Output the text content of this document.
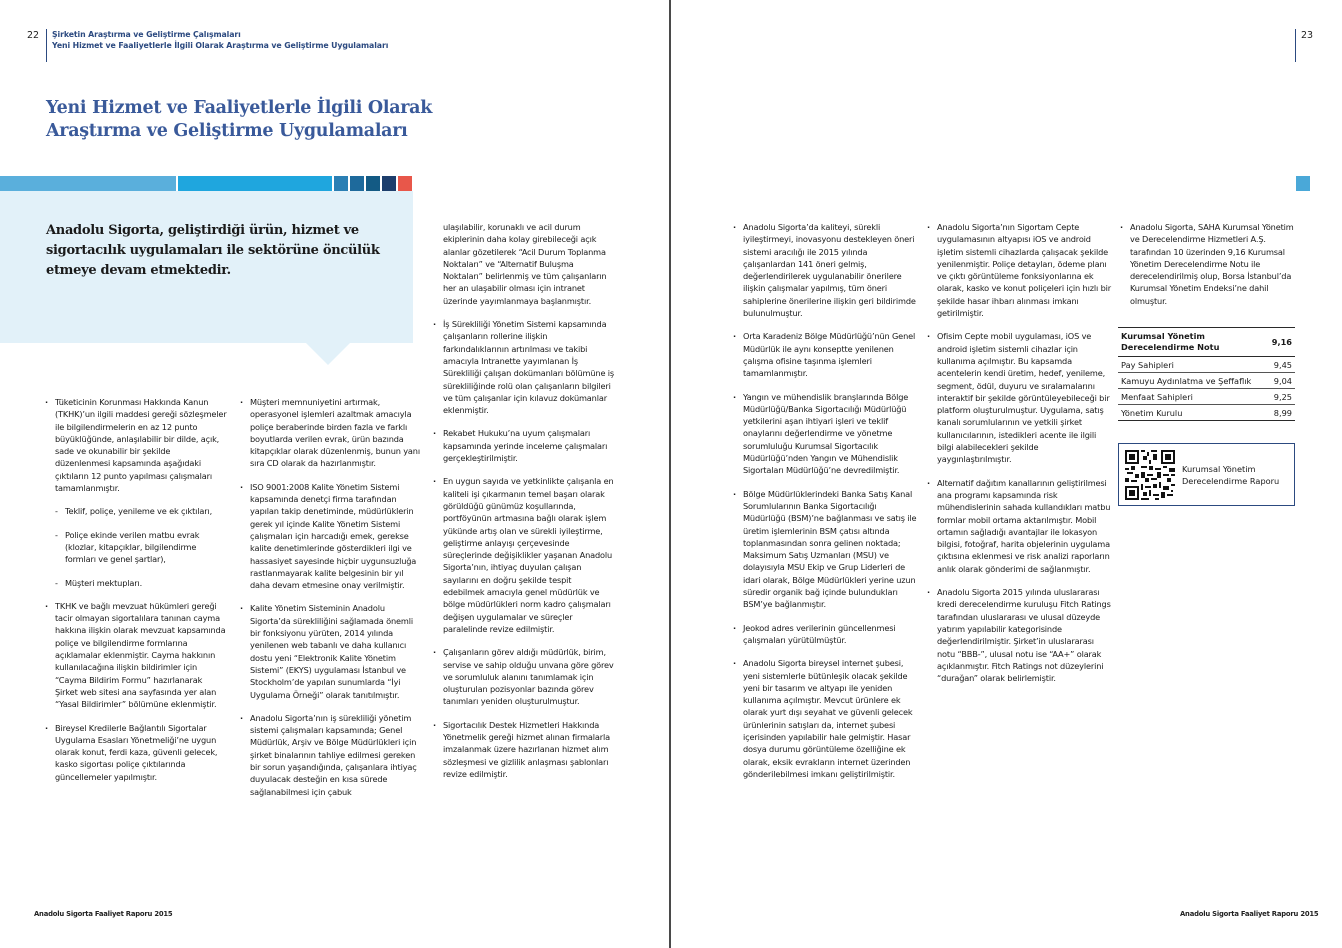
22 Şirketin Araştırma ve Geliştirme Çalışmaları
Yeni Hizmet ve Faaliyetlerle İlgili Olarak Araştırma ve Geliştirme Uygulamaları
Yeni Hizmet ve Faaliyetlerle İlgili Olarak
Araştırma ve Geliştirme Uygulamaları
Anadolu Sigorta, geliştirdiği ürün, hizmet ve sigortacılık uygulamaları ile sektörüne öncülük etmeye devam etmektedir.
· Tüketicinin Korunması Hakkında Kanun (TKHK)’un ilgili maddesi gereği sözleşmeler ile bilgilendirmelerin en az 12 punto büyüklüğünde, anlaşılabilir bir dilde, açık, sade ve okunabilir bir şekilde düzenlenmesi kapsamında aşağıdaki çıktıların 12 punto yapılması çalışmaları tamamlanmıştır.
- Teklif, poliçe, yenileme ve ek çıktıları,
- Poliçe ekinde verilen matbu evrak (klozlar, kitapçıklar, bilgilendirme formları ve genel şartlar),
- Müşteri mektupları.
· TKHK ve bağlı mevzuat hükümleri gereği tacir olmayan sigortalılara tanınan cayma hakkına ilişkin olarak mevzuat kapsamında poliçe ve bilgilendirme formlarına açıklamalar eklenmiştir. Cayma hakkının kullanılacağına ilişkin bildirimler için “Cayma Bildirim Formu” hazırlanarak Şirket web sitesi ana sayfasında yer alan “Yasal Bildirimler” bölümüne eklenmiştir.
· Bireysel Kredilerle Bağlantılı Sigortalar Uygulama Esasları Yönetmeliği’ne uygun olarak konut, ferdi kaza, güvenli gelecek, kasko sigortası poliçe çıktılarında güncellemeler yapılmıştır.
· Müşteri memnuniyetini artırmak, operasyonel işlemleri azaltmak amacıyla poliçe beraberinde birden fazla ve farklı boyutlarda verilen evrak, ürün bazında kitapçıklar olarak düzenlenmiş, bunun yanı sıra CD olarak da hazırlanmıştır.
· ISO 9001:2008 Kalite Yönetim Sistemi kapsamında denetçi firma tarafından yapılan takip denetiminde, müdürlüklerin gerek yıl içinde Kalite Yönetim Sistemi çalışmaları için harcadığı emek, gerekse kalite denetimlerinde gösterdikleri ilgi ve hassasiyet sayesinde hiçbir uygunsuzluğa rastlanmayarak kalite belgesinin bir yıl daha devam etmesine onay verilmiştir.
· Kalite Yönetim Sisteminin Anadolu Sigorta’da sürekliliğini sağlamada önemli bir fonksiyonu yürüten, 2014 yılında yenilenen web tabanlı ve daha kullanıcı dostu yeni “Elektronik Kalite Yönetim Sistemi” (EKYS) uygulaması İstanbul ve Stockholm’de yapılan sunumlarda “İyi Uygulama Örneği” olarak tanıtılmıştır.
· Anadolu Sigorta’nın iş sürekliliği yönetim sistemi çalışmaları kapsamında; Genel Müdürlük, Arşiv ve Bölge Müdürlükleri için şirket binalarının tahliye edilmesi gereken bir sorun yaşandığında, çalışanlara ihtiyaç duyulacak desteğin en kısa sürede sağlanabilmesi için çabuk
ulaşılabilir, korunaklı ve acil durum ekiplerinin daha kolay girebileceği açık alanlar gözetilerek “Acil Durum Toplanma Noktaları” ve “Alternatif Buluşma Noktaları” belirlenmiş ve tüm çalışanların her an ulaşabilir olması için intranet üzerinde yayımlanmaya başlanmıştır.
· İş Sürekliliği Yönetim Sistemi kapsamında çalışanların rollerine ilişkin farkındalıklarının artırılması ve takibi amacıyla Intranette yayımlanan İş Sürekliliği çalışan dokümanları bölümüne iş sürekliliğinde rolü olan çalışanların bilgileri ve tüm çalışanlar için kılavuz dokümanlar eklenmiştir.
· Rekabet Hukuku’na uyum çalışmaları kapsamında yerinde inceleme çalışmaları gerçekleştirilmiştir.
· En uygun sayıda ve yetkinlikte çalışanla en kaliteli işi çıkarmanın temel başarı olarak görüldüğü günümüz koşullarında, portföyünün artmasına bağlı olarak işlem yükünde artış olan ve sürekli iyileştirme, geliştirme anlayışı çerçevesinde süreçlerinde değişiklikler yaşanan Anadolu Sigorta’nın, ihtiyaç duyulan çalışan sayılarını en doğru şekilde tespit edebilmek amacıyla genel müdürlük ve bölge müdürlükleri norm kadro çalışmaları değişen uygulamalar ve süreçler paralelinde revize edilmiştir.
· Çalışanların görev aldığı müdürlük, birim, servise ve sahip olduğu unvana göre görev ve sorumluluk alanını tanımlamak için oluşturulan pozisyonlar bazında görev tanımları yeniden oluşturulmuştur.
· Sigortacılık Destek Hizmetleri Hakkında Yönetmelik gereği hizmet alınan firmalarla imzalanmak üzere hazırlanan hizmet alım sözleşmesi ve gizlilik anlaşması şablonları revize edilmiştir.
Anadolu Sigorta Faaliyet Raporu 2015
23
· Anadolu Sigorta’da kaliteyi, sürekli iyileştirmeyi, inovasyonu destekleyen öneri sistemi aracılığı ile 2015 yılında çalışanlardan 141 öneri gelmiş, değerlendirilerek uygulanabilir önerilere ilişkin çalışmalar yapılmış, tüm öneri sahiplerine önerilerine ilişkin geri bildirimde bulunulmuştur.
· Orta Karadeniz Bölge Müdürlüğü’nün Genel Müdürlük ile aynı konseptte yenilenen çalışma ofisine taşınma işlemleri tamamlanmıştır.
· Yangın ve mühendislik branşlarında Bölge Müdürlüğü/Banka Sigortacılığı Müdürlüğü yetkilerini aşan ihtiyari işleri ve teklif onaylarını değerlendirme ve yönetme sorumluluğu Kurumsal Sigortacılık Müdürlüğü’nden Yangın ve Mühendislik Sigortaları Müdürlüğü’ne devredilmiştir.
· Bölge Müdürlüklerindeki Banka Satış Kanal Sorumlularının Banka Sigortacılığı Müdürlüğü (BSM)’ne bağlanması ve satış ile üretim işlemlerinin BSM çatısı altında toplanmasından sonra gelinen noktada; Maksimum Satış Uzmanları (MSU) ve dolayısıyla MSU Ekip ve Grup Liderleri de idari olarak, Bölge Müdürlükleri yerine uzun süredir organik bağ içinde bulundukları BSM’ye bağlanmıştır.
· Jeokod adres verilerinin güncellenmesi çalışmaları yürütülmüştür.
· Anadolu Sigorta bireysel internet şubesi, yeni sistemlerle bütünleşik olacak şekilde yeni bir tasarım ve altyapı ile yeniden kullanıma açılmıştır. Mevcut ürünlere ek olarak yurt dışı seyahat ve güvenli gelecek ürünlerinin satışları da, internet şubesi içerisinden yapılabilir hale gelmiştir. Hasar dosya durumu görüntüleme özelliğine ek olarak, eksik evrakların internet üzerinden gönderilebilmesi imkanı geliştirilmiştir.
· Anadolu Sigorta’nın Sigortam Cepte uygulamasının altyapısı iOS ve android işletim sistemli cihazlarda çalışacak şekilde yenilenmiştir. Poliçe detayları, ödeme planı ve çıktı görüntüleme fonksiyonlarına ek olarak, kasko ve konut poliçeleri için hızlı bir şekilde hasar ihbarı alınması imkanı getirilmiştir.
· Ofisim Cepte mobil uygulaması, iOS ve android işletim sistemli cihazlar için kullanıma açılmıştır. Bu kapsamda acentelerin kendi üretim, hedef, yenileme, segment, ödül, duyuru ve sıralamalarını interaktif bir şekilde görüntüleyebileceği bir platform oluşturulmuştur. Uygulama, satış kanalı sorumlularının ve yetkili şirket kullanıcılarının, istedikleri acente ile ilgili bilgi alabilecekleri şekilde yaygınlaştırılmıştır.
· Alternatif dağıtım kanallarının geliştirilmesi ana programı kapsamında risk mühendislerinin sahada kullandıkları matbu formlar mobil ortama aktarılmıştır. Mobil ortamın sağladığı avantajlar ile lokasyon bilgisi, fotoğraf, harita objelerinin uygulama çıktısına eklenmesi ve risk analizi raporların anlık olarak gönderimi de sağlanmıştır.
· Anadolu Sigorta 2015 yılında uluslararası kredi derecelendirme kuruluşu Fitch Ratings tarafından uluslararası ve ulusal düzeyde yatırım yapılabilir kategorisinde değerlendirilmiştir. Şirket’in uluslararası notu “BBB-”, ulusal notu ise “AA+” olarak açıklanmıştır. Fitch Ratings not düzeylerini “durağan” olarak belirlemiştir.
· Anadolu Sigorta, SAHA Kurumsal Yönetim ve Derecelendirme Hizmetleri A.Ş. tarafından 10 üzerinden 9,16 Kurumsal Yönetim Derecelendirme Notu ile derecelendirilmiş olup, Borsa İstanbul’da Kurumsal Yönetim Endeksi’ne dahil olmuştur.
Kurumsal Yönetim Derecelendirme Notu
9,16
Pay Sahipleri	9,45
Kamuyu Aydınlatma ve Şeffaflık	9,04
Menfaat Sahipleri	9,25
Yönetim Kurulu	8,99
Kurumsal Yönetim Derecelendirme Raporu
Anadolu Sigorta Faaliyet Raporu 2015
